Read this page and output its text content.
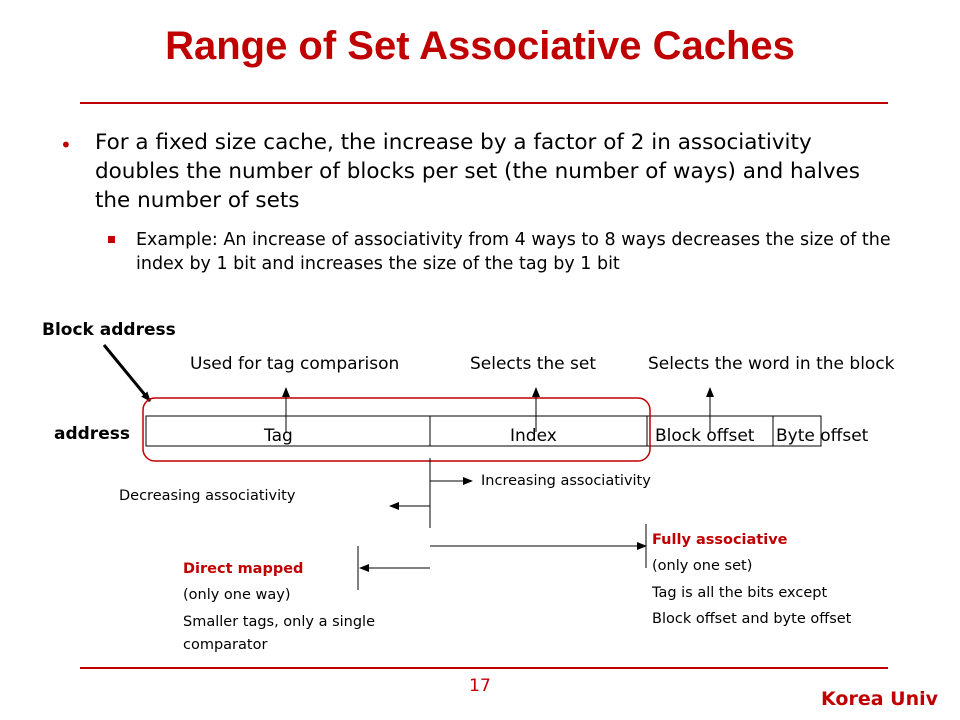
Range of Set Associative Caches
• For a fixed size cache, the increase by a factor of 2 in associativity doubles the number of blocks per set (the number of ways) and halves the number of sets
Example: An increase of associativity from 4 ways to 8 ways decreases the size of the index by 1 bit and increases the size of the tag by 1 bit
Block address
address
Used for tag comparison	Selects the set	Selects the word in the block
Tag	Index	Block offset Byte offset
Increasing associativity
Decreasing associativity
Direct mapped
(only one way)
Smaller tags, only a single
comparator
Fully associative
(only one set)
Tag is all the bits except
Block offset and byte offset
17
Korea Univ
